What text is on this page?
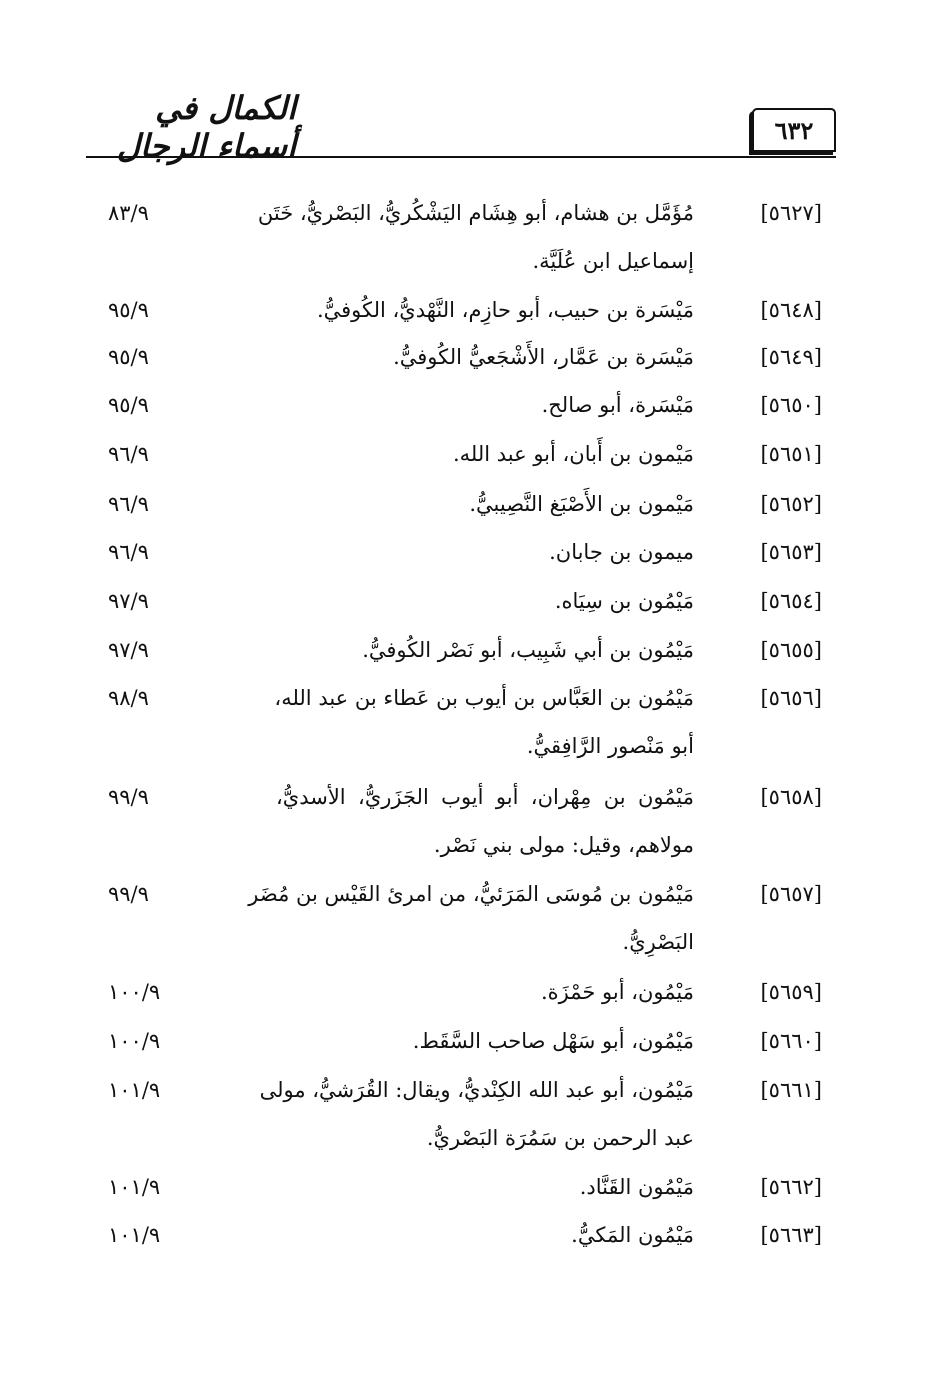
الكمال في أسماء الرجال	٦٣٢
[٥٦٢٧]
مُؤَمَّل بن هشام، أبو هِشَام اليَشْكُريُّ، البَصْريُّ، خَتَن
إسماعيل ابن عُلَيَّة.
٨٣/٩
[٥٦٤٨]
مَيْسَرة بن حبيب، أبو حازِم، النَّهْديُّ، الكُوفيُّ.
٩٥/٩
[٥٦٤٩]
مَيْسَرة بن عَمَّار، الأَشْجَعيُّ الكُوفيُّ.
٩٥/٩
[٥٦٥٠]
مَيْسَرة، أبو صالح.
٩٥/٩
[٥٦٥١]
مَيْمون بن أَبان، أبو عبد الله.
٩٦/٩
[٥٦٥٢]
مَيْمون بن الأَصْبَغ النَّصِيبيُّ.
٩٦/٩
[٥٦٥٣]
ميمون بن جابان.
٩٦/٩
[٥٦٥٤]
مَيْمُون بن سِيَاه.
٩٧/٩
[٥٦٥٥]
مَيْمُون بن أبي شَبِيب، أبو نَصْر الكُوفيُّ.
٩٧/٩
[٥٦٥٦]
مَيْمُون بن العَبَّاس بن أيوب بن عَطاء بن عبد الله،
أبو مَنْصور الرَّافِقيُّ.
٩٨/٩
[٥٦٥٨]
مَيْمُون بن مِهْران، أبو أيوب الجَزَريُّ، الأسديُّ،
مولاهم، وقيل: مولى بني نَصْر.
٩٩/٩
[٥٦٥٧]
مَيْمُون بن مُوسَى المَرَئيُّ، من امرئ القَيْس بن مُضَر
البَصْرِيُّ.
٩٩/٩
[٥٦٥٩]
مَيْمُون، أبو حَمْزَة.
١٠٠/٩
[٥٦٦٠]
مَيْمُون، أبو سَهْل صاحب السَّقَط.
١٠٠/٩
[٥٦٦١]
مَيْمُون، أبو عبد الله الكِنْديُّ، ويقال: القُرَشيُّ، مولى
عبد الرحمن بن سَمُرَة البَصْريُّ.
١٠١/٩
[٥٦٦٢]
مَيْمُون القَنَّاد.
١٠١/٩
[٥٦٦٣]
مَيْمُون المَكيُّ.
١٠١/٩
